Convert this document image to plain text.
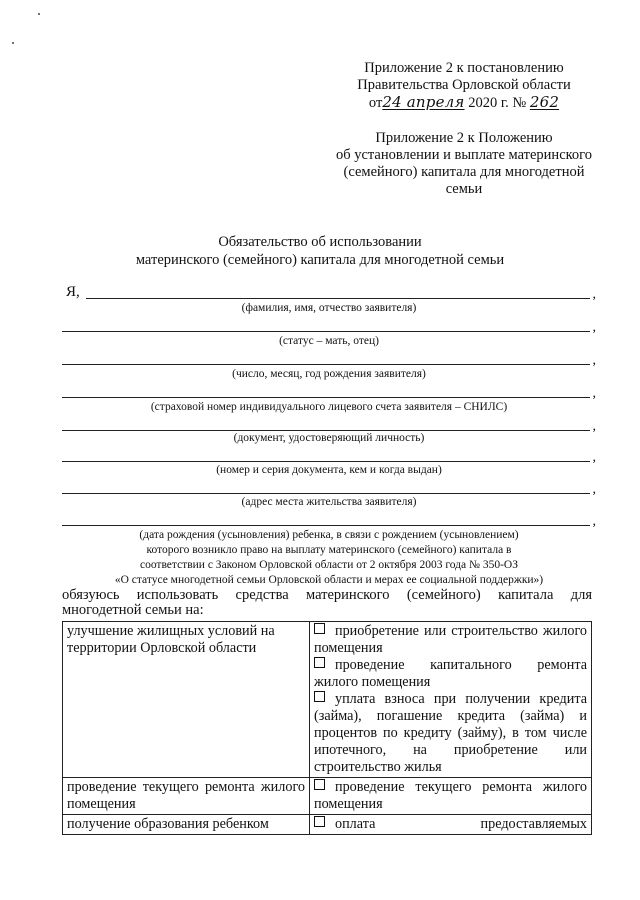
Приложение 2 к постановлению
Правительства Орловской области
от24 апреля 2020 г. № 262
Приложение 2 к Положению
об установлении и выплате материнского
(семейного) капитала для многодетной
семьи
Обязательство об использовании
материнского (семейного) капитала для многодетной семьи
Я,	,
(фамилия, имя, отчество заявителя)
,
(статус – мать, отец)
,
(число, месяц, год рождения заявителя)
,
(страховой номер индивидуального лицевого счета заявителя – СНИЛС)
,
(документ, удостоверяющий личность)
,
(номер и серия документа, кем и когда выдан)
,
(адрес места жительства заявителя)
,
(дата рождения (усыновления) ребенка, в связи с рождением (усыновлением)
которого возникло право на выплату материнского (семейного) капитала в
соответствии с Законом Орловской области от 2 октября 2003 года № 350-ОЗ
«О статусе многодетной семьи Орловской области и мерах ее социальной поддержки»)
обязуюсь использовать средства материнского (семейного) капитала для
многодетной семьи на:
улучшение жилищных условий на территории Орловской области	приобретение или строительство жилого помещения
проведение капитального ремонта жилого помещения
уплата взноса при получении кредита (займа), погашение кредита (займа) и процентов по кредиту (займу), в том числе ипотечного, на приобретение или строительство жилья

проведение текущего ремонта жилого помещения	проведение текущего ремонта жилого помещения

получение образования ребенком	оплата предоставляемых
